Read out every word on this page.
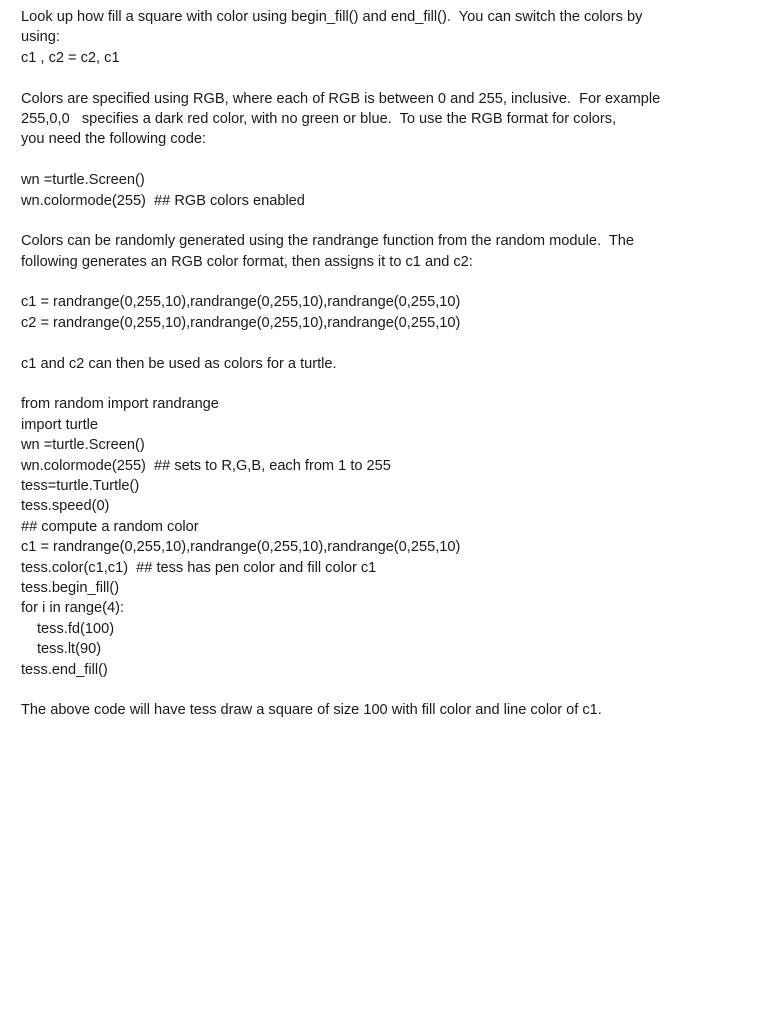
Look up how fill a square with color using begin_fill() and end_fill().  You can switch the colors by
using:
c1 , c2 = c2, c1
Colors are specified using RGB, where each of RGB is between 0 and 255, inclusive.  For example
255,0,0   specifies a dark red color, with no green or blue.  To use the RGB format for colors,
you need the following code:
wn =turtle.Screen()
wn.colormode(255)  ## RGB colors enabled
Colors can be randomly generated using the randrange function from the random module.  The
following generates an RGB color format, then assigns it to c1 and c2:
c1 = randrange(0,255,10),randrange(0,255,10),randrange(0,255,10)
c2 = randrange(0,255,10),randrange(0,255,10),randrange(0,255,10)
c1 and c2 can then be used as colors for a turtle.
from random import randrange
import turtle
wn =turtle.Screen()
wn.colormode(255)  ## sets to R,G,B, each from 1 to 255
tess=turtle.Turtle()
tess.speed(0)
## compute a random color
c1 = randrange(0,255,10),randrange(0,255,10),randrange(0,255,10)
tess.color(c1,c1)  ## tess has pen color and fill color c1
tess.begin_fill()
for i in range(4):
tess.fd(100)
tess.lt(90)
tess.end_fill()
The above code will have tess draw a square of size 100 with fill color and line color of c1.
